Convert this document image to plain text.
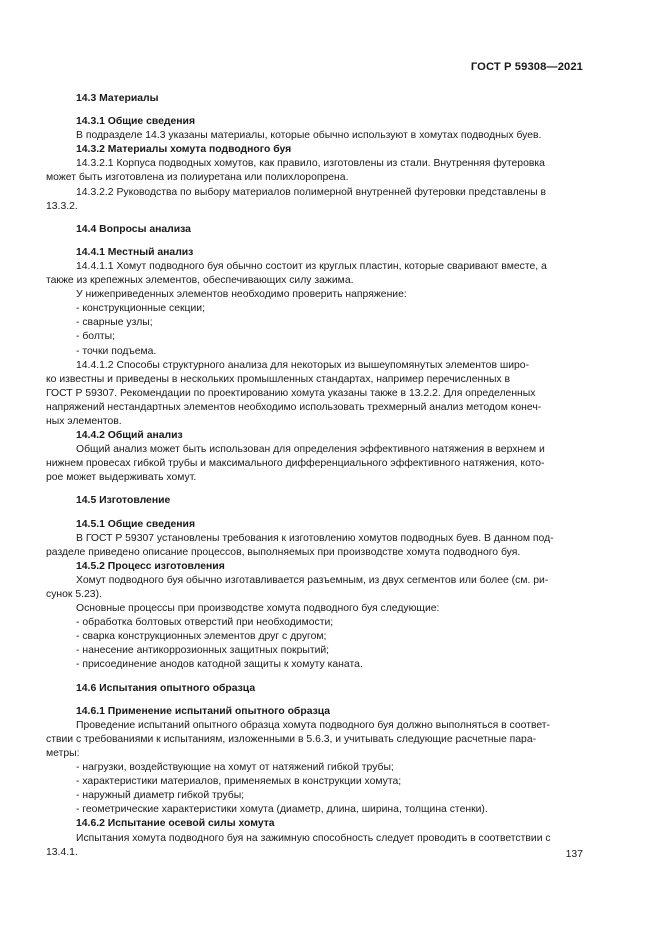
ГОСТ Р 59308—2021
14.3 Материалы
14.3.1 Общие сведения
В подразделе 14.3 указаны материалы, которые обычно используют в хомутах подводных буев.
14.3.2 Материалы хомута подводного буя
14.3.2.1 Корпуса подводных хомутов, как правило, изготовлены из стали. Внутренняя футеровка
может быть изготовлена из полиуретана или полихлоропрена.
14.3.2.2 Руководства по выбору материалов полимерной внутренней футеровки представлены в
13.3.2.
14.4 Вопросы анализа
14.4.1 Местный анализ
14.4.1.1 Хомут подводного буя обычно состоит из круглых пластин, которые сваривают вместе, а
также из крепежных элементов, обеспечивающих силу зажима.
У нижеприведенных элементов необходимо проверить напряжение:
- конструкционные секции;
- сварные узлы;
- болты;
- точки подъема.
14.4.1.2 Способы структурного анализа для некоторых из вышеупомянутых элементов широ-
ко известны и приведены в нескольких промышленных стандартах, например перечисленных в
ГОСТ Р 59307. Рекомендации по проектированию хомута указаны также в 13.2.2. Для определенных
напряжений нестандартных элементов необходимо использовать трехмерный анализ методом конеч-
ных элементов.
14.4.2 Общий анализ
Общий анализ может быть использован для определения эффективного натяжения в верхнем и
нижнем провесах гибкой трубы и максимального дифференциального эффективного натяжения, кото-
рое может выдерживать хомут.
14.5 Изготовление
14.5.1 Общие сведения
В ГОСТ Р 59307 установлены требования к изготовлению хомутов подводных буев. В данном под-
разделе приведено описание процессов, выполняемых при производстве хомута подводного буя.
14.5.2 Процесс изготовления
Хомут подводного буя обычно изготавливается разъемным, из двух сегментов или более (см. ри-
сунок 5.23).
Основные процессы при производстве хомута подводного буя следующие:
- обработка болтовых отверстий при необходимости;
- сварка конструкционных элементов друг с другом;
- нанесение антикоррозионных защитных покрытий;
- присоединение анодов катодной защиты к хомуту каната.
14.6 Испытания опытного образца
14.6.1 Применение испытаний опытного образца
Проведение испытаний опытного образца хомута подводного буя должно выполняться в соответ-
ствии с требованиями к испытаниям, изложенными в 5.6.3, и учитывать следующие расчетные пара-
метры:
- нагрузки, воздействующие на хомут от натяжений гибкой трубы;
- характеристики материалов, применяемых в конструкции хомута;
- наружный диаметр гибкой трубы;
- геометрические характеристики хомута (диаметр, длина, ширина, толщина стенки).
14.6.2 Испытание осевой силы хомута
Испытания хомута подводного буя на зажимную способность следует проводить в соответствии с
13.4.1.	137
